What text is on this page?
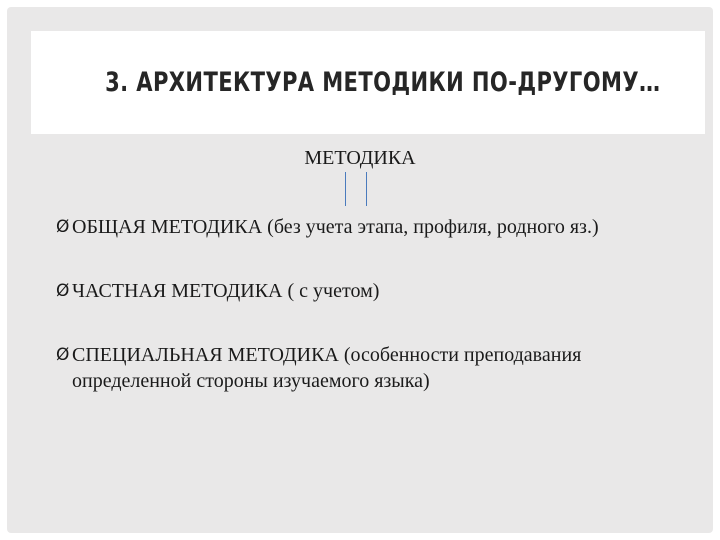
3. АРХИТЕКТУРА МЕТОДИКИ ПО-ДРУГОМУ…
МЕТОДИКА
Ø ОБЩАЯ МЕТОДИКА (без учета этапа, профиля, родного яз.)
Ø ЧАСТНАЯ МЕТОДИКА ( с учетом)
Ø СПЕЦИАЛЬНАЯ МЕТОДИКА (особенности преподавания определенной стороны изучаемого языка)
